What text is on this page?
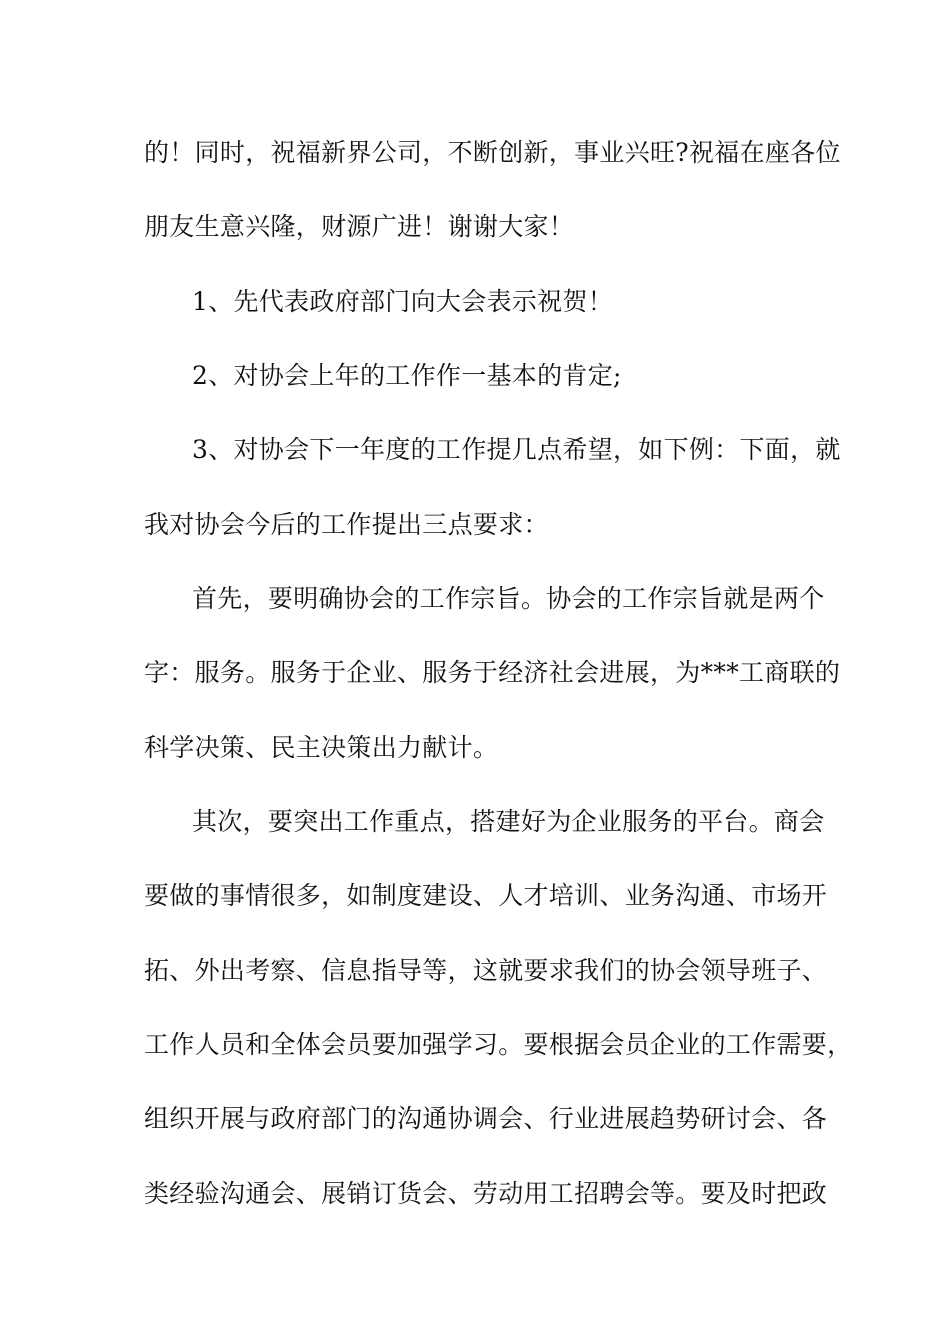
的！同时，祝福新界公司，不断创新，事业兴旺?祝福在座各位
朋友生意兴隆，财源广进！谢谢大家！
1、先代表政府部门向大会表示祝贺！
2、对协会上年的工作作一基本的肯定;
3、对协会下一年度的工作提几点希望，如下例：下面，就
我对协会今后的工作提出三点要求：
首先，要明确协会的工作宗旨。协会的工作宗旨就是两个
字：服务。服务于企业、服务于经济社会进展，为***工商联的
科学决策、民主决策出力献计。
其次，要突出工作重点，搭建好为企业服务的平台。商会
要做的事情很多，如制度建设、人才培训、业务沟通、市场开
拓、外出考察、信息指导等，这就要求我们的协会领导班子、
工作人员和全体会员要加强学习。要根据会员企业的工作需要，
组织开展与政府部门的沟通协调会、行业进展趋势研讨会、各
类经验沟通会、展销订货会、劳动用工招聘会等。要及时把政
